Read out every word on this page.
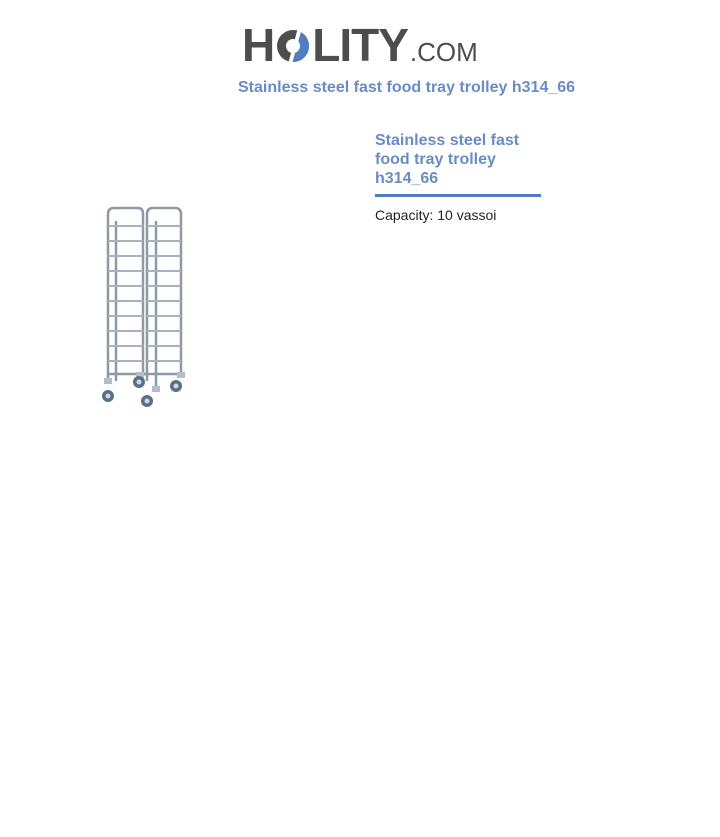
H LITY .COM
Stainless steel fast food tray trolley h314_66
Stainless steel fast food tray trolley h314_66
Capacity: 10 vassoi
